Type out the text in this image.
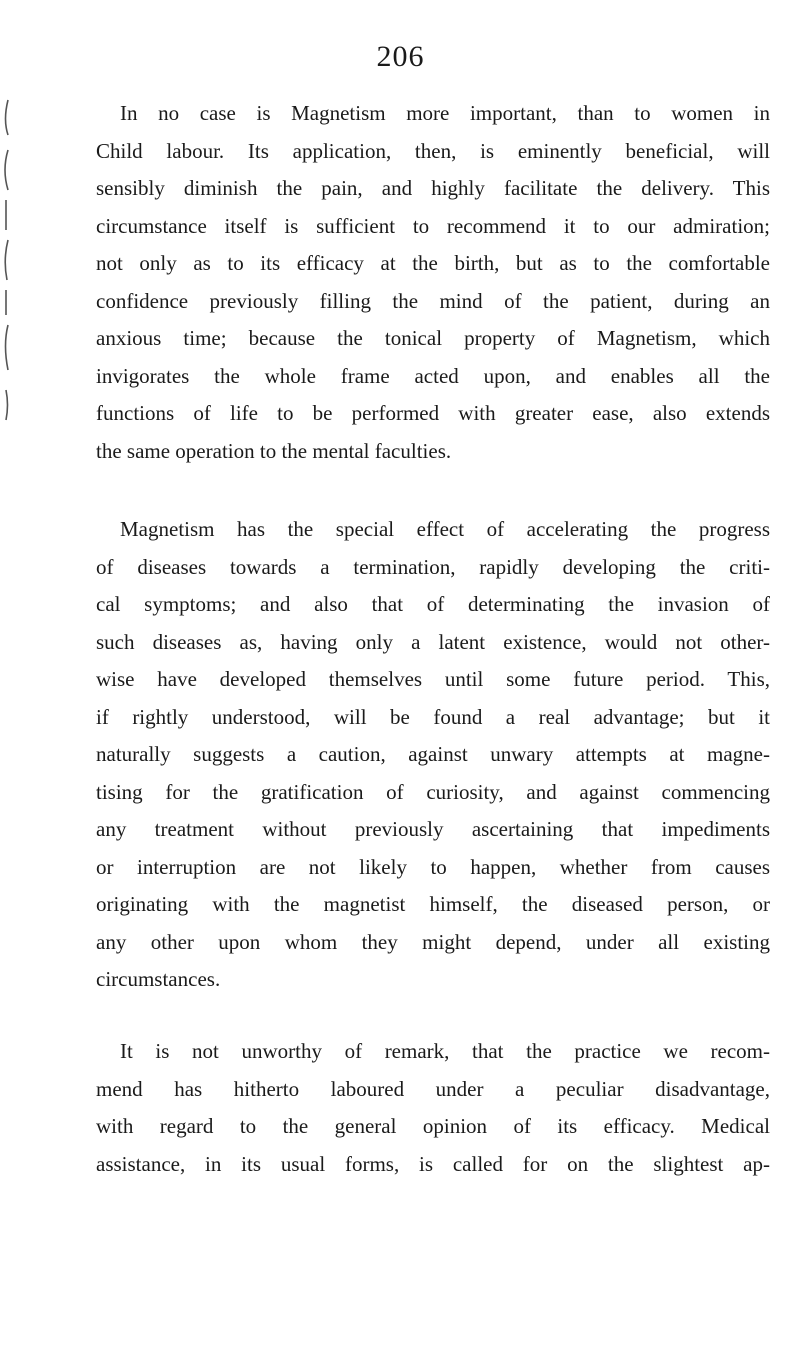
206
In no case is Magnetism more important, than to women in
Child labour. Its application, then, is eminently beneficial, will
sensibly diminish the pain, and highly facilitate the delivery. This
circumstance itself is sufficient to recommend it to our admiration;
not only as to its efficacy at the birth, but as to the comfortable
confidence previously filling the mind of the patient, during an
anxious time; because the tonical property of Magnetism, which
invigorates the whole frame acted upon, and enables all the
functions of life to be performed with greater ease, also extends
the same operation to the mental faculties.
Magnetism has the special effect of accelerating the progress
of diseases towards a termination, rapidly developing the criti-
cal symptoms; and also that of determinating the invasion of
such diseases as, having only a latent existence, would not other-
wise have developed themselves until some future period. This,
if rightly understood, will be found a real advantage; but it
naturally suggests a caution, against unwary attempts at magne-
tising for the gratification of curiosity, and against commencing
any treatment without previously ascertaining that impediments
or interruption are not likely to happen, whether from causes
originating with the magnetist himself, the diseased person, or
any other upon whom they might depend, under all existing
circumstances.
It is not unworthy of remark, that the practice we recom-
mend has hitherto laboured under a peculiar disadvantage,
with regard to the general opinion of its efficacy. Medical
assistance, in its usual forms, is called for on the slightest ap-
